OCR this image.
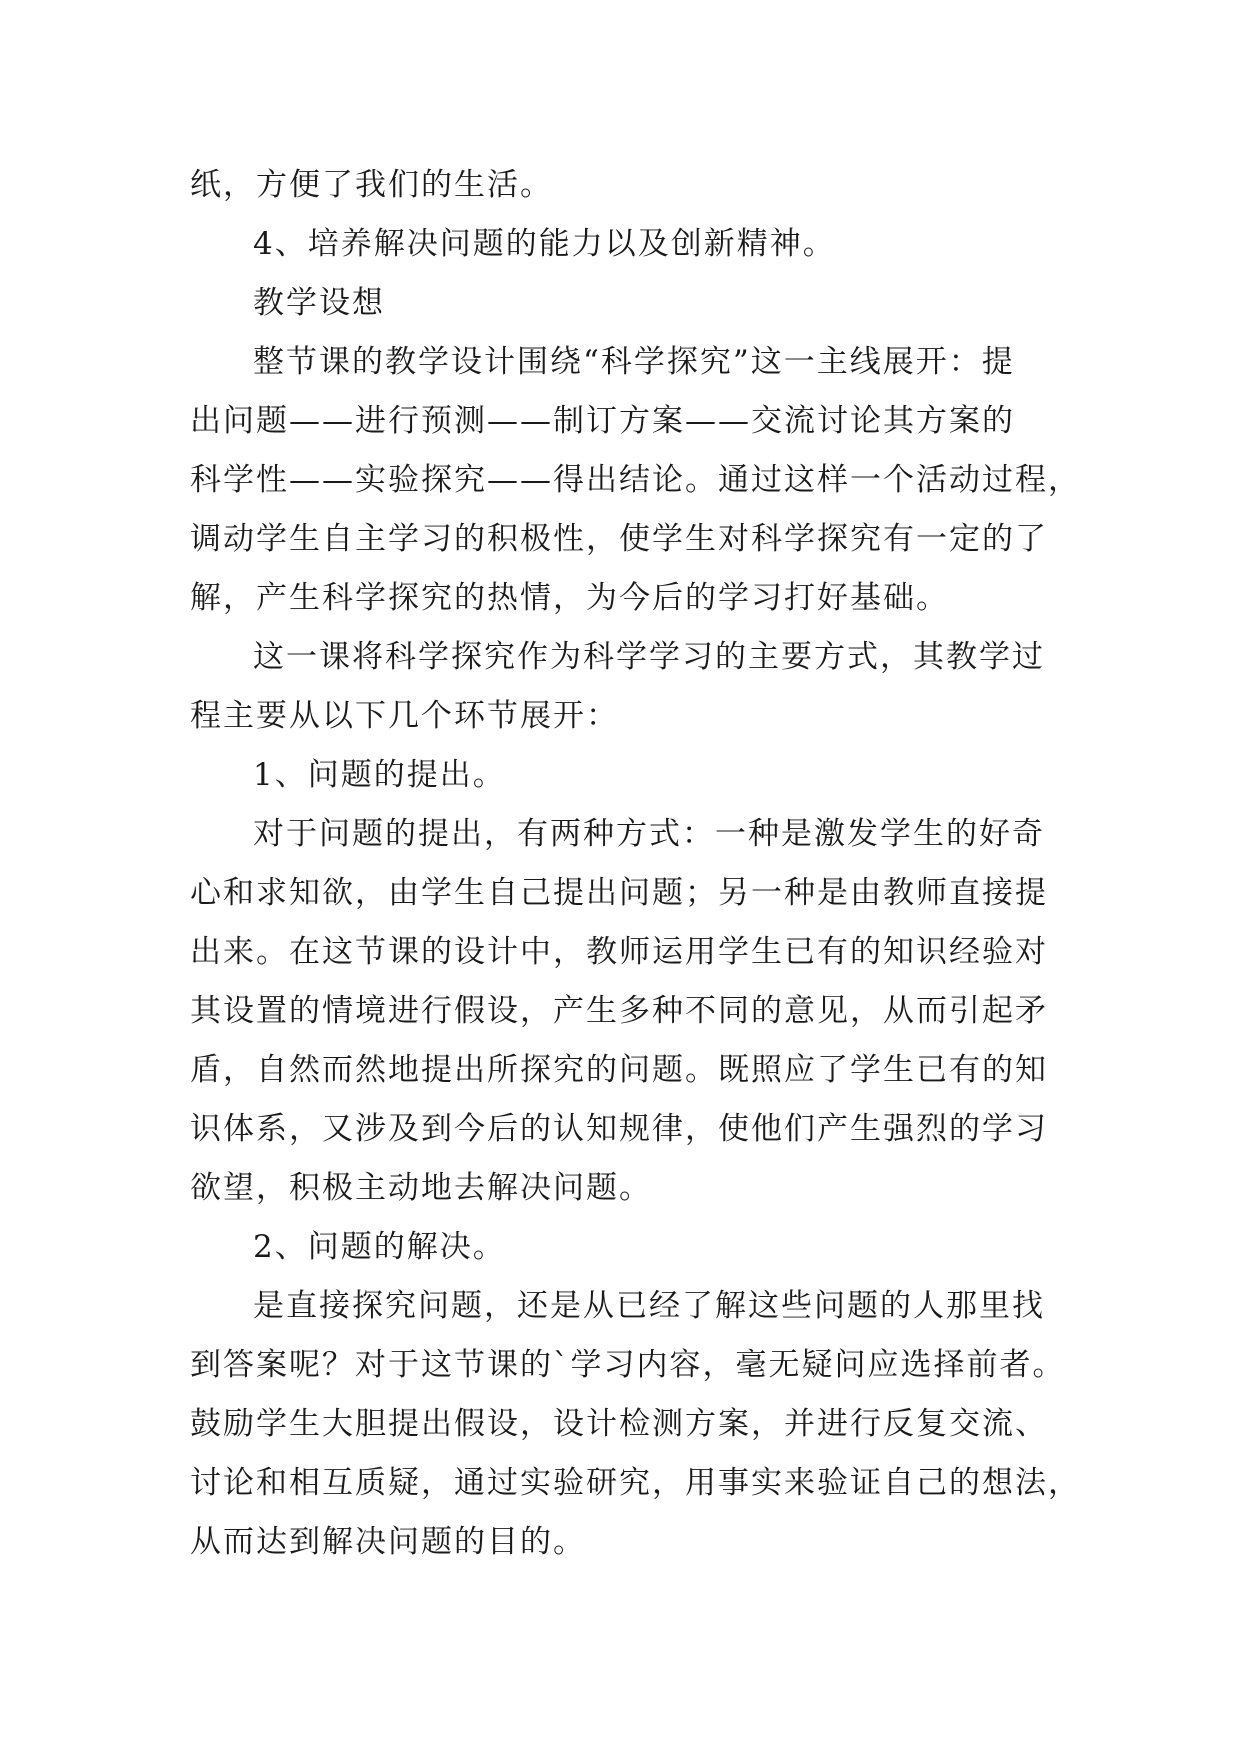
纸，方便了我们的生活。
4、培养解决问题的能力以及创新精神。
教学设想
整节课的教学设计围绕“科学探究”这一主线展开：提
出问题——进行预测——制订方案——交流讨论其方案的
科学性——实验探究——得出结论。通过这样一个活动过程，
调动学生自主学习的积极性，使学生对科学探究有一定的了
解，产生科学探究的热情，为今后的学习打好基础。
这一课将科学探究作为科学学习的主要方式，其教学过
程主要从以下几个环节展开：
1、问题的提出。
对于问题的提出，有两种方式：一种是激发学生的好奇
心和求知欲，由学生自己提出问题；另一种是由教师直接提
出来。在这节课的设计中，教师运用学生已有的知识经验对
其设置的情境进行假设，产生多种不同的意见，从而引起矛
盾，自然而然地提出所探究的问题。既照应了学生已有的知
识体系，又涉及到今后的认知规律，使他们产生强烈的学习
欲望，积极主动地去解决问题。
2、问题的解决。
是直接探究问题，还是从已经了解这些问题的人那里找
到答案呢？对于这节课的`学习内容，毫无疑问应选择前者。
鼓励学生大胆提出假设，设计检测方案，并进行反复交流、
讨论和相互质疑，通过实验研究，用事实来验证自己的想法，
从而达到解决问题的目的。
